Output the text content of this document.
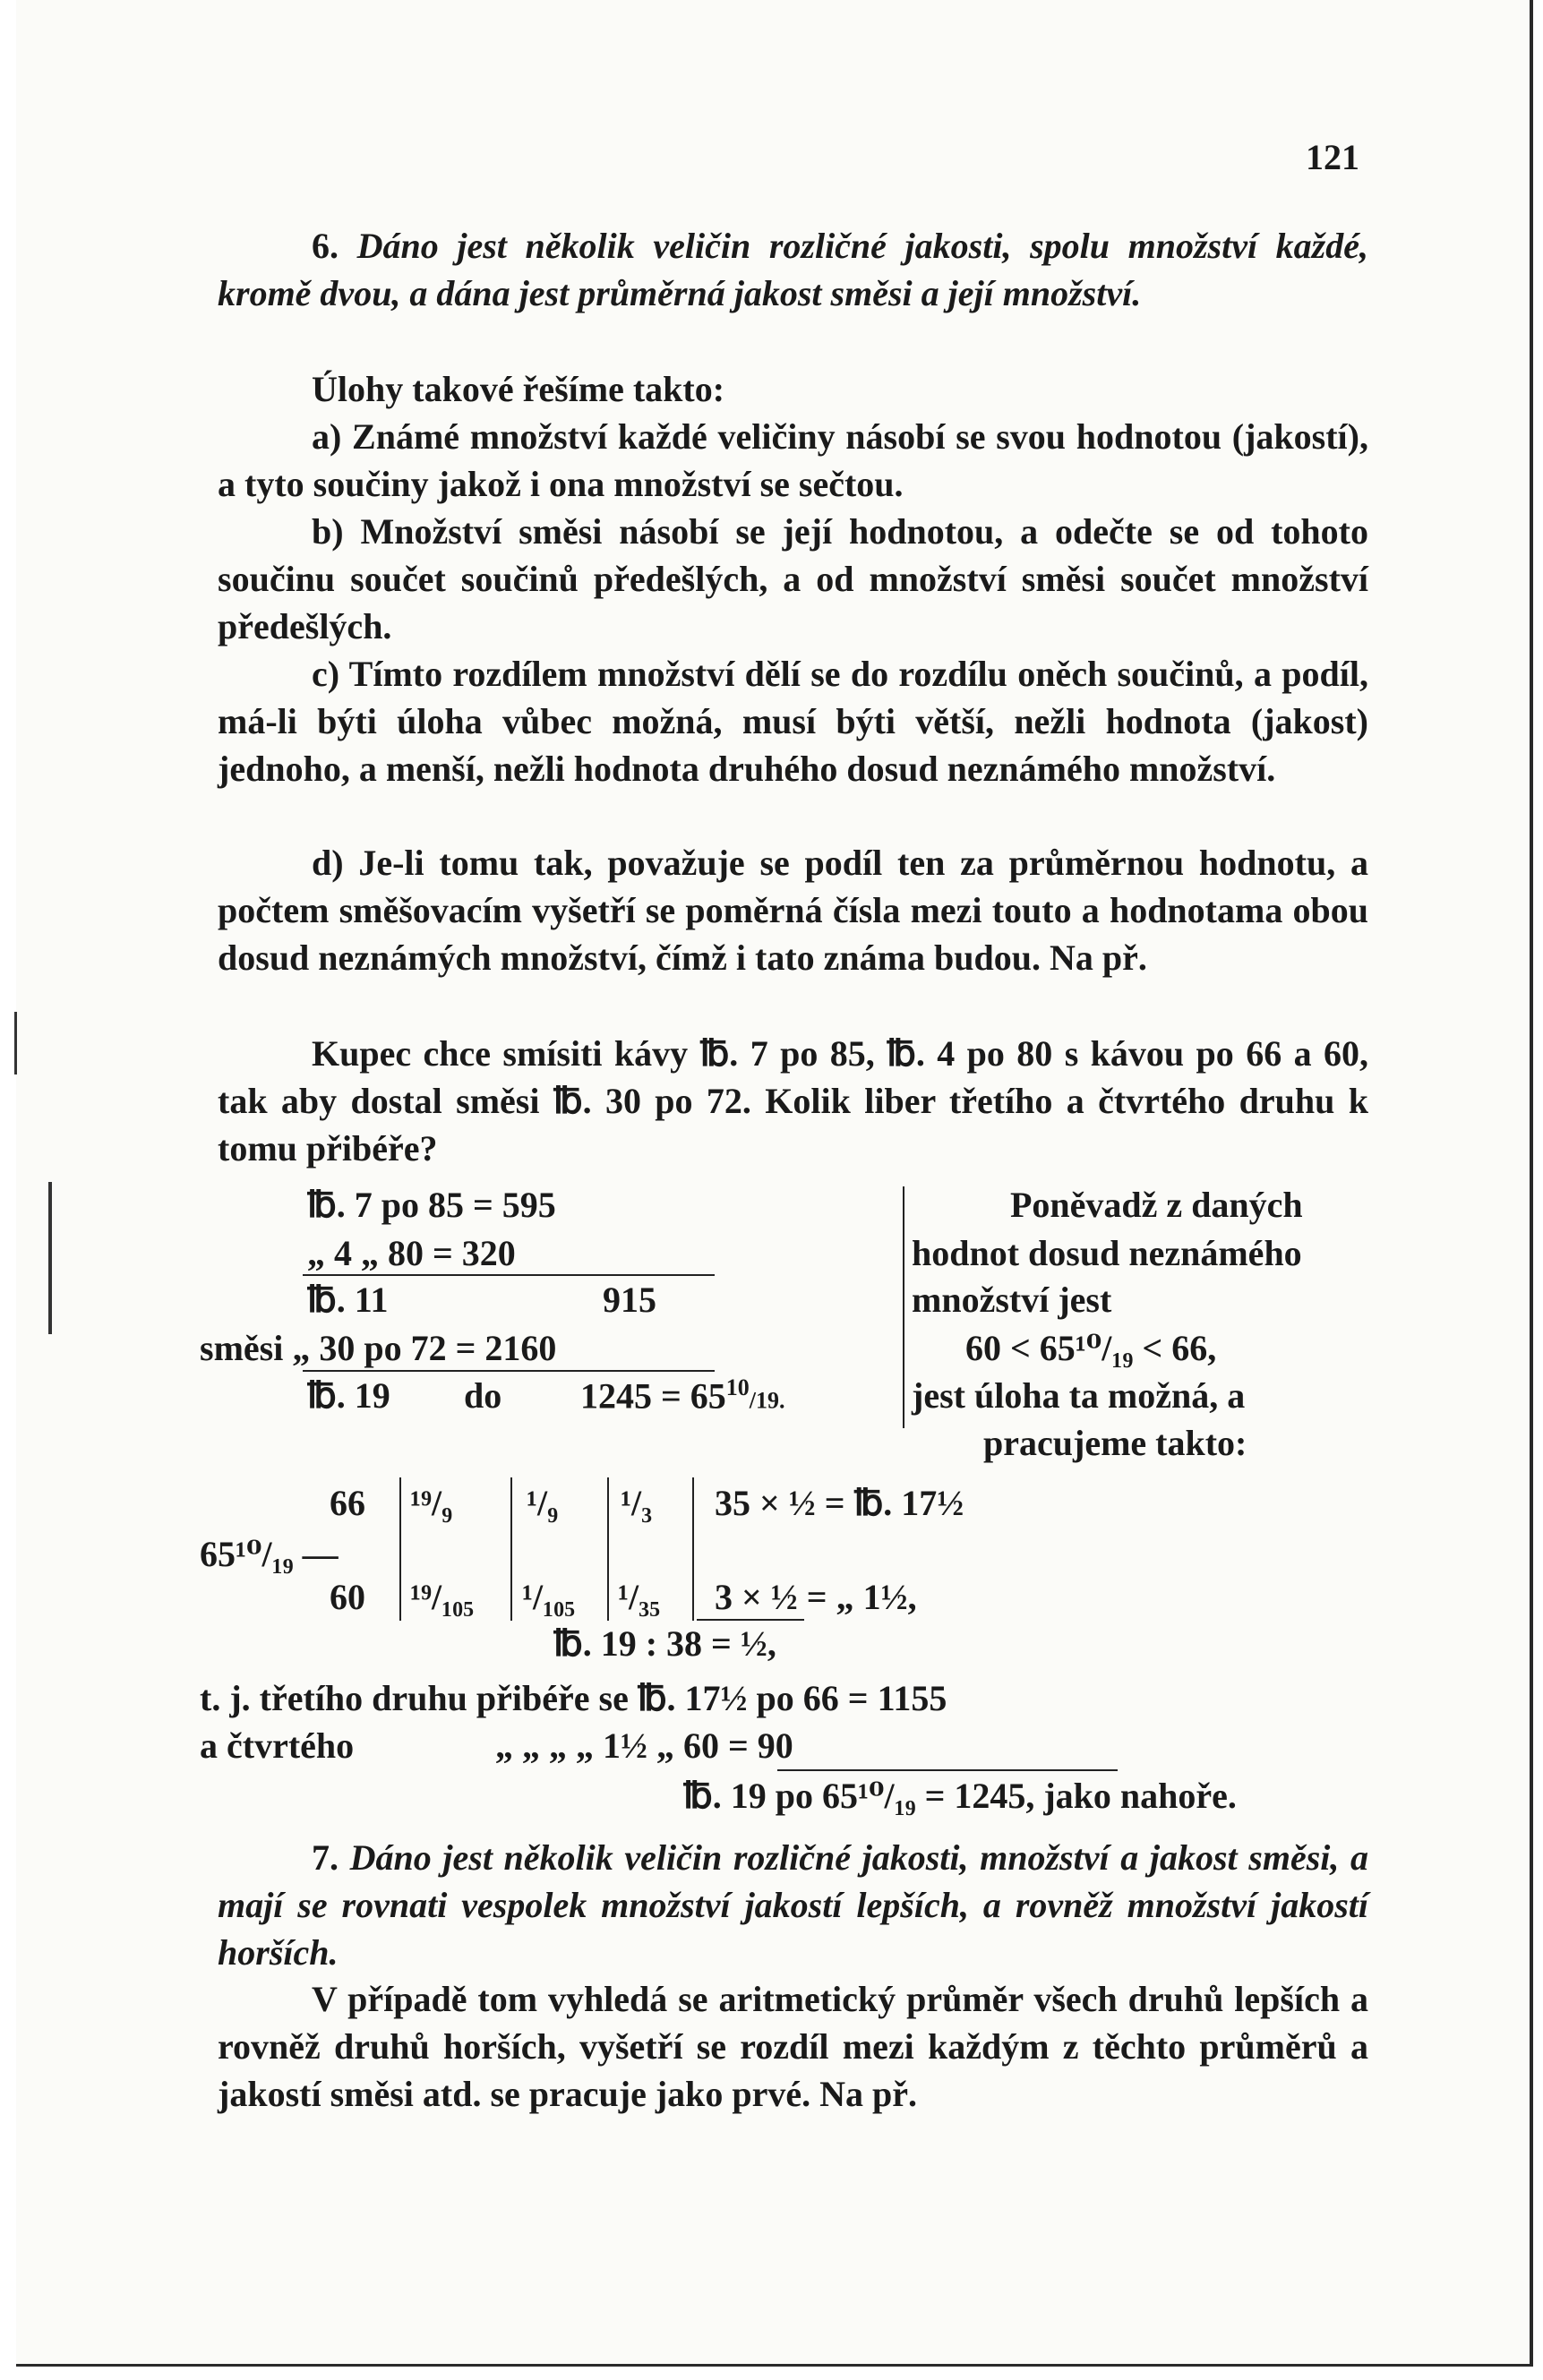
121
6. Dáno jest několik veličin rozličné jakosti, spolu množství každé, kromě dvou, a dána jest průměrná jakost směsi a její množství.
Úlohy takové řešíme takto:
a) Známé množství každé veličiny násobí se svou hodnotou (jakostí), a tyto součiny jakož i ona množství se sečtou.
b) Množství směsi násobí se její hodnotou, a odečte se od tohoto součinu součet součinů předešlých, a od množství směsi součet množství předešlých.
c) Tímto rozdílem množství dělí se do rozdílu oněch součinů, a podíl, má-li býti úloha vůbec možná, musí býti větší, nežli hodnota (jakost) jednoho, a menší, nežli hodnota druhého dosud neznámého množství.
d) Je-li tomu tak, považuje se podíl ten za průměrnou hodnotu, a počtem směšovacím vyšetří se poměrná čísla mezi touto a hodnotama obou dosud neznámých množství, čímž i tato známa budou. Na př.
Kupec chce smísiti kávy ℔. 7 po 85, ℔. 4 po 80 s kávou po 66 a 60, tak aby dostal směsi ℔. 30 po 72. Kolik liber třetího a čtvrtého druhu k tomu přibéře?
℔. 7 po 85 = 595
„ 4 „ 80 = 320
℔. 11	915
směsi „ 30 po 72 = 2160
℔. 19 do $1245 = 65^{10}/19$.
Poněvadž z daných
hodnot dosud neznámého
množství jest
60 < 65¹⁰/₁₉ < 66,
jest úloha ta možná, a
pracujeme takto:
65¹⁰/₁₉ —
66
60
¹⁹/₉
¹⁹/₁₀₅
¹/₉
¹/₁₀₅
¹/₃
¹/₃₅
35 × ½ = ℔. 17½
3 × ½ = „ 1½,
℔. 19 : 38 = ½,
t. j. třetího druhu přibéře se ℔. 17½ po 66 = 1155
a čtvrtého	„ „ „ „ 1½ „ 60 = 90
℔. 19 po 65¹⁰/₁₉ = 1245, jako nahoře.
7. Dáno jest několik veličin rozličné jakosti, množství a jakost směsi, a mají se rovnati vespolek množství jakostí lepších, a rovněž množství jakostí horších.
V případě tom vyhledá se aritmetický průměr všech druhů lepších a rovněž druhů horších, vyšetří se rozdíl mezi každým z těchto průměrů a jakostí směsi atd. se pracuje jako prvé. Na př.
